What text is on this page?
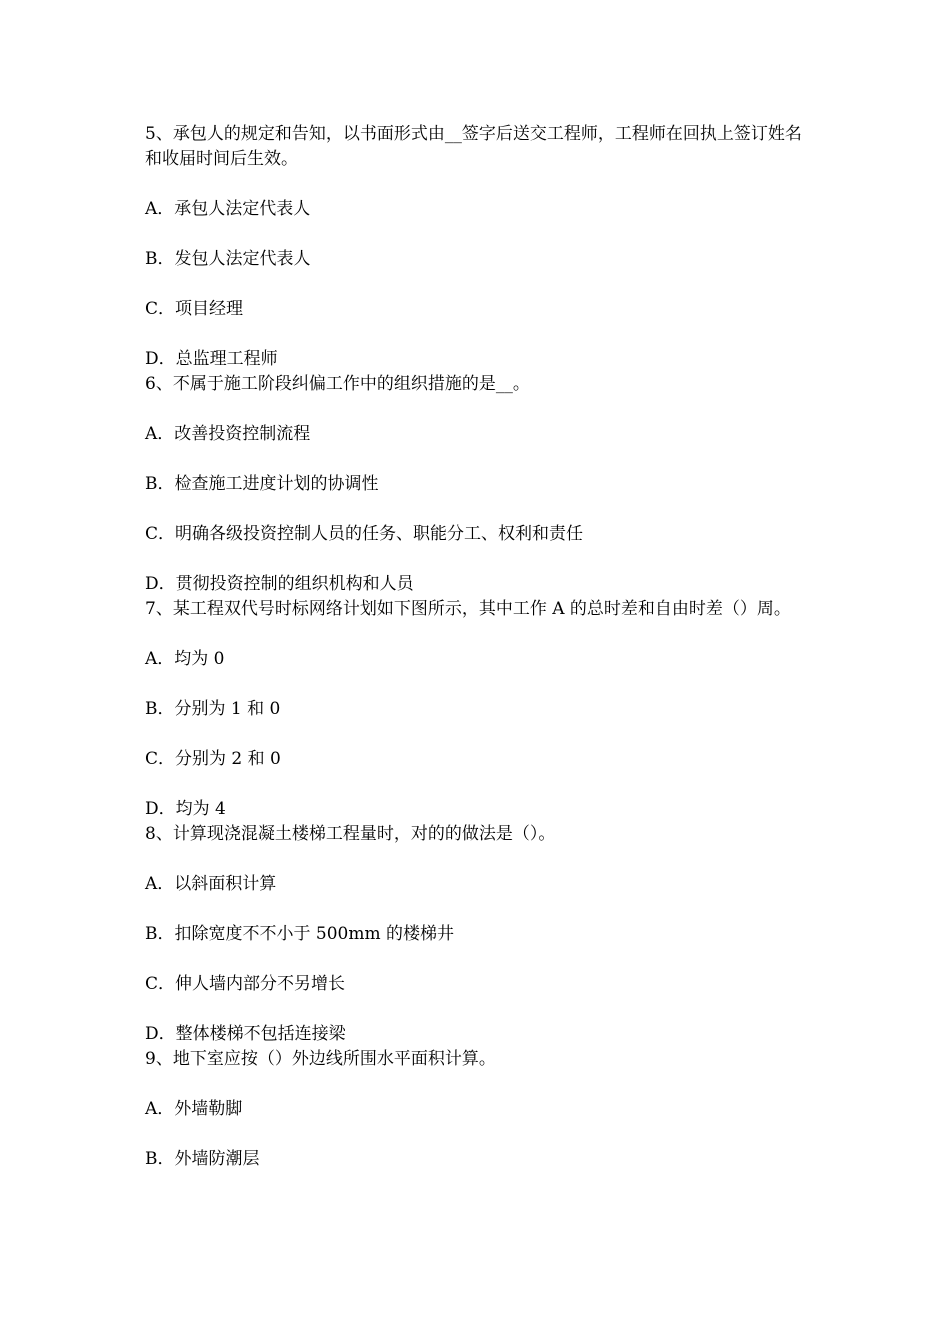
5、承包人的规定和告知，以书面形式由__签字后送交工程师，工程师在回执上签订姓名和收届时间后生效。

A．承包人法定代表人

B．发包人法定代表人

C．项目经理

D．总监理工程师

6、不属于施工阶段纠偏工作中的组织措施的是__。

A．改善投资控制流程

B．检查施工进度计划的协调性

C．明确各级投资控制人员的任务、职能分工、权利和责任

D．贯彻投资控制的组织机构和人员

7、某工程双代号时标网络计划如下图所示，其中工作 A 的总时差和自由时差（）周。

A．均为 0

B．分别为 1 和 0

C．分别为 2 和 0

D．均为 4

8、计算现浇混凝土楼梯工程量时，对的的做法是（）。

A．以斜面积计算

B．扣除宽度不不小于 500mm 的楼梯井

C．伸人墙内部分不另增长

D．整体楼梯不包括连接梁

9、地下室应按（）外边线所围水平面积计算。

A．外墙勒脚

B．外墙防潮层
